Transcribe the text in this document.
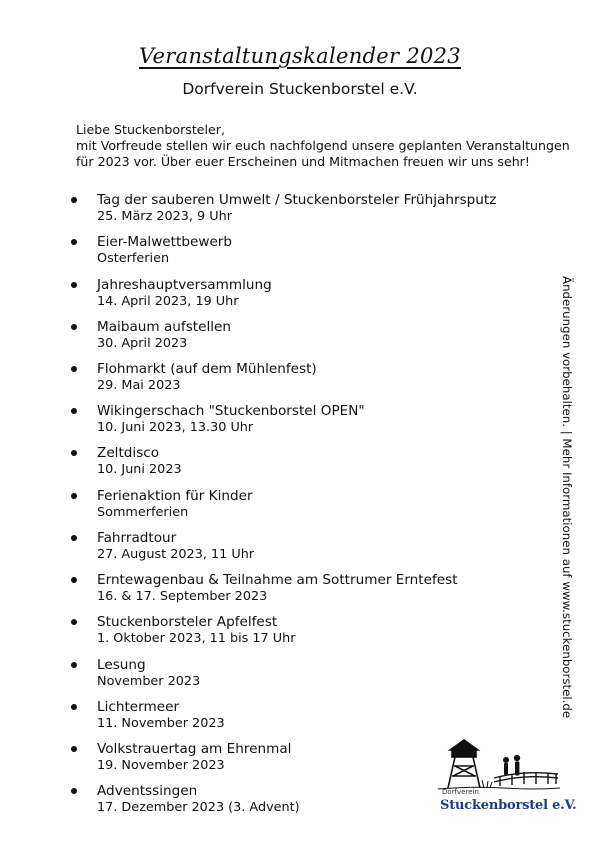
Veranstaltungskalender 2023
Dorfverein Stuckenborstel e.V.
Liebe Stuckenborsteler,
mit Vorfreude stellen wir euch nachfolgend unsere geplanten Veranstaltungen
für 2023 vor. Über euer Erscheinen und Mitmachen freuen wir uns sehr!
Tag der sauberen Umwelt / Stuckenborsteler Frühjahrsputz
25. März 2023, 9 Uhr
Eier-Malwettbewerb
Osterferien
Jahreshauptversammlung
14. April 2023, 19 Uhr
Maibaum aufstellen
30. April 2023
Flohmarkt (auf dem Mühlenfest)
29. Mai 2023
Wikingerschach "Stuckenborstel OPEN"
10. Juni 2023, 13.30 Uhr
Zeltdisco
10. Juni 2023
Ferienaktion für Kinder
Sommerferien
Fahrradtour
27. August 2023, 11 Uhr
Erntewagenbau & Teilnahme am Sottrumer Erntefest
16. & 17. September 2023
Stuckenborsteler Apfelfest
1. Oktober 2023, 11 bis 17 Uhr
Lesung
November 2023
Lichtermeer
11. November 2023
Volkstrauertag am Ehrenmal
19. November 2023
Adventssingen
17. Dezember 2023 (3. Advent)
Änderungen vorbehalten. | Mehr Informationen auf www.stuckenborstel.de
Dorfverein
Stuckenborstel e.V.
